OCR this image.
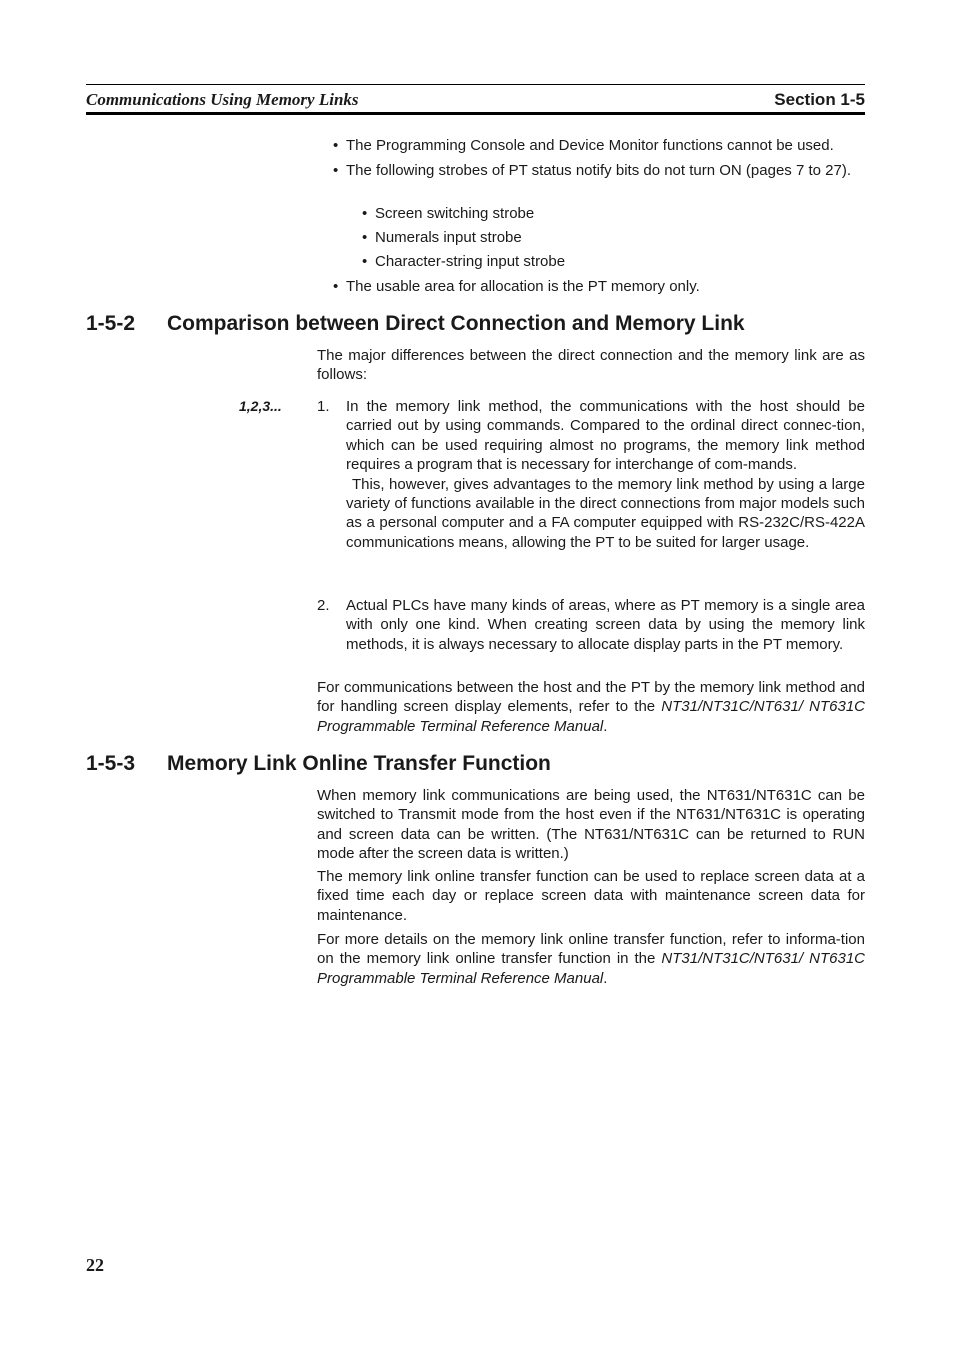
Communications Using Memory Links	Section 1-5
• The Programming Console and Device Monitor functions cannot be used.
• The following strobes of PT status notify bits do not turn ON (pages 7 to 27).
• Screen switching strobe
• Numerals input strobe
• Character-string input strobe
• The usable area for allocation is the PT memory only.
1-5-2 Comparison between Direct Connection and Memory Link
The major differences between the direct connection and the memory link are as follows:
1,2,3... 1. In the memory link method, the communications with the host should be carried out by using commands. Compared to the ordinal direct connec-tion, which can be used requiring almost no programs, the memory link method requires a program that is necessary for interchange of com-mands.
This, however, gives advantages to the memory link method by using a large variety of functions available in the direct connections from major models such as a personal computer and a FA computer equipped with RS-232C/RS-422A communications means, allowing the PT to be suited for larger usage.
2. Actual PLCs have many kinds of areas, where as PT memory is a single area with only one kind. When creating screen data by using the memory link methods, it is always necessary to allocate display parts in the PT memory.
For communications between the host and the PT by the memory link method and for handling screen display elements, refer to the NT31/NT31C/NT631/ NT631C Programmable Terminal Reference Manual.
1-5-3 Memory Link Online Transfer Function
When memory link communications are being used, the NT631/NT631C can be switched to Transmit mode from the host even if the NT631/NT631C is operating and screen data can be written. (The NT631/NT631C can be returned to RUN mode after the screen data is written.)
The memory link online transfer function can be used to replace screen data at a fixed time each day or replace screen data with maintenance screen data for maintenance.
For more details on the memory link online transfer function, refer to informa-tion on the memory link online transfer function in the NT31/NT31C/NT631/ NT631C Programmable Terminal Reference Manual.
22
